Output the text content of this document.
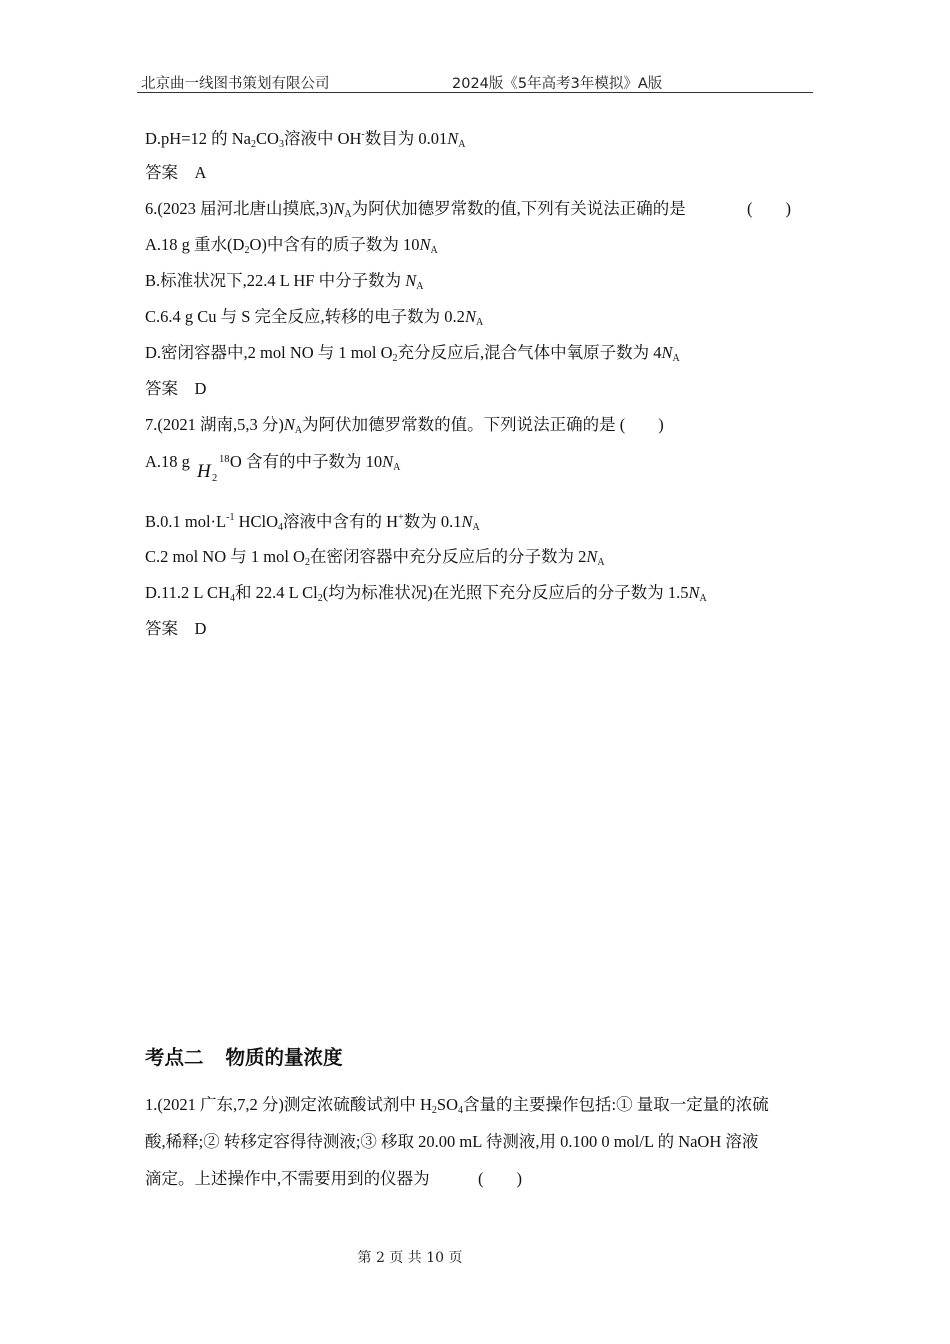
北京曲一线图书策划有限公司	2024版《5年高考3年模拟》A版
D.pH=12 的 $Na_2CO_3$溶液中 OH-数目为 $0.01N_A$
答案　A
6.(2023 届河北唐山摸底$,3)N_A$为阿伏加德罗常数的值,下列有关说法正确的是	(　　)
A.18 g 重水$(D_2O)$中含有的质子数为 $10N_A$
B.标准状况下,22.4 L HF 中分子数为 $N_A$
C.6.4 g Cu 与 S 完全反应,转移的电子数为 $0.2N_A$
D.密闭容器中,2 mol NO 与 1 mol $O_2$充分反应后,混合气体中氧原子数为 $4N_A$
答案　D
7.(2021 湖南,5,3 分)$N_A$为阿伏加德罗常数的值。下列说法正确的是 (　　)
A.18 g O 含有的中子数为 $10N_A$
H 2
18
B.0.1 $mol\cdot L^{-1}$ HClO$_4$溶液中含有的 H+数为 $0.1N_A$
C.2 mol NO 与 1 mol $O_2$在密闭容器中充分反应后的分子数为 $2N_A$
D.11.2 L $CH_4$和 22.4 L $Cl_2$(均为标准状况)在光照下充分反应后的分子数为 $1.5N_A$
答案　D
考点二 物质的量浓度
1.(2021 广东,7,2 分)测定浓硫酸试剂中 $H_2SO_4$含量的主要操作包括:① 量取一定量的浓硫
酸,稀释;② 转移定容得待测液;③ 移取 20.00 mL 待测液,用 0.100 0 mol/L 的 NaOH 溶液
滴定。上述操作中,不需要用到的仪器为	(　　)
第 2 页 共 10 页
